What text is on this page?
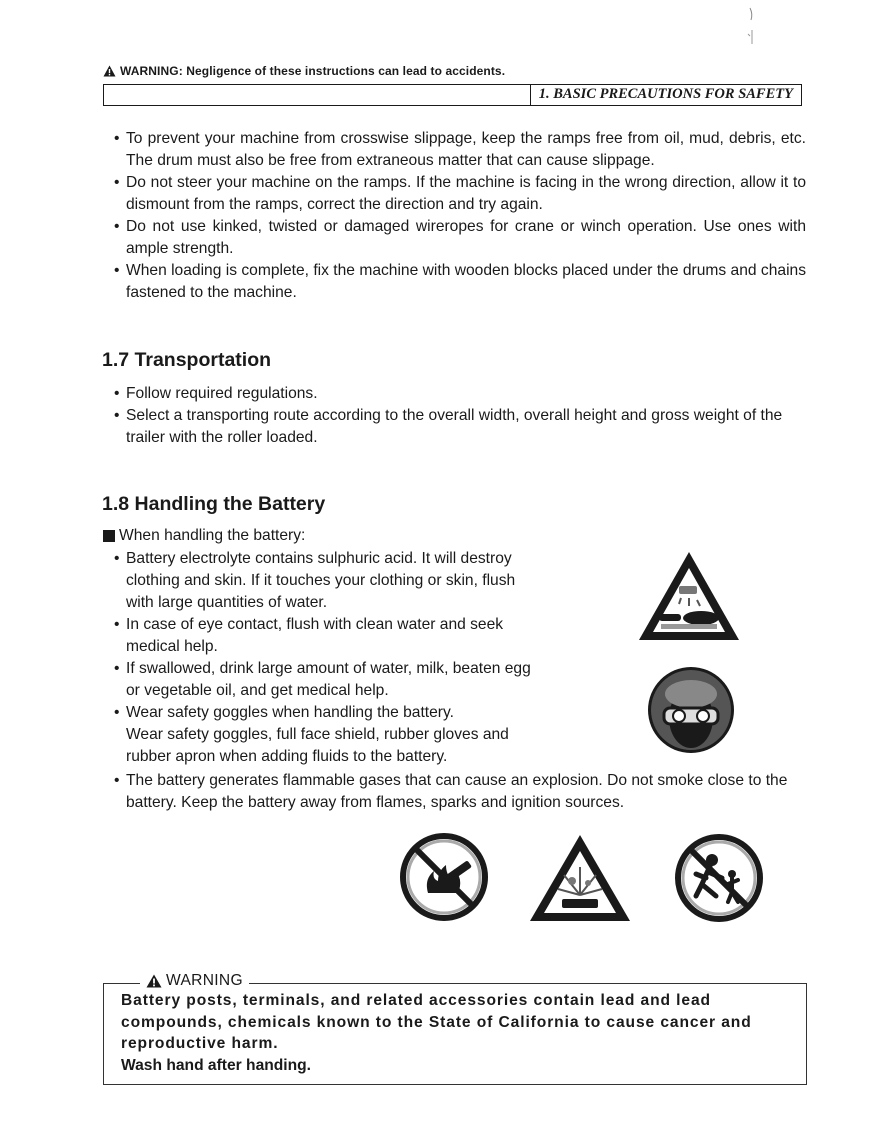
WARNING: Negligence of these instructions can lead to accidents.
1. BASIC PRECAUTIONS FOR SAFETY
• To prevent your machine from crosswise slippage, keep the ramps free from oil, mud, debris, etc. The drum must also be free from extraneous matter that can cause slippage.
• Do not steer your machine on the ramps. If the machine is facing in the wrong direction, allow it to dismount from the ramps, correct the direction and try again.
• Do not use kinked, twisted or damaged wireropes for crane or winch operation. Use ones with ample strength.
• When loading is complete, fix the machine with wooden blocks placed under the drums and chains fastened to the machine.
1.7 Transportation
• Follow required regulations.
• Select a transporting route according to the overall width, overall height and gross weight of the trailer with the roller loaded.
1.8 Handling the Battery
When handling the battery:
• Battery electrolyte contains sulphuric acid. It will destroy clothing and skin. If it touches your clothing or skin, flush with large quantities of water.
• In case of eye contact, flush with clean water and seek medical help.
• If swallowed, drink large amount of water, milk, beaten egg or vegetable oil, and get medical help.
• Wear safety goggles when handling the battery.
Wear safety goggles, full face shield, rubber gloves and rubber apron when adding fluids to the battery.
• The battery generates flammable gases that can cause an explosion. Do not smoke close to the battery. Keep the battery away from flames, sparks and ignition sources.
WARNING
Battery posts, terminals, and related accessories contain lead and lead compounds, chemicals known to the State of California to cause cancer and reproductive harm.
Wash hand after handing.
